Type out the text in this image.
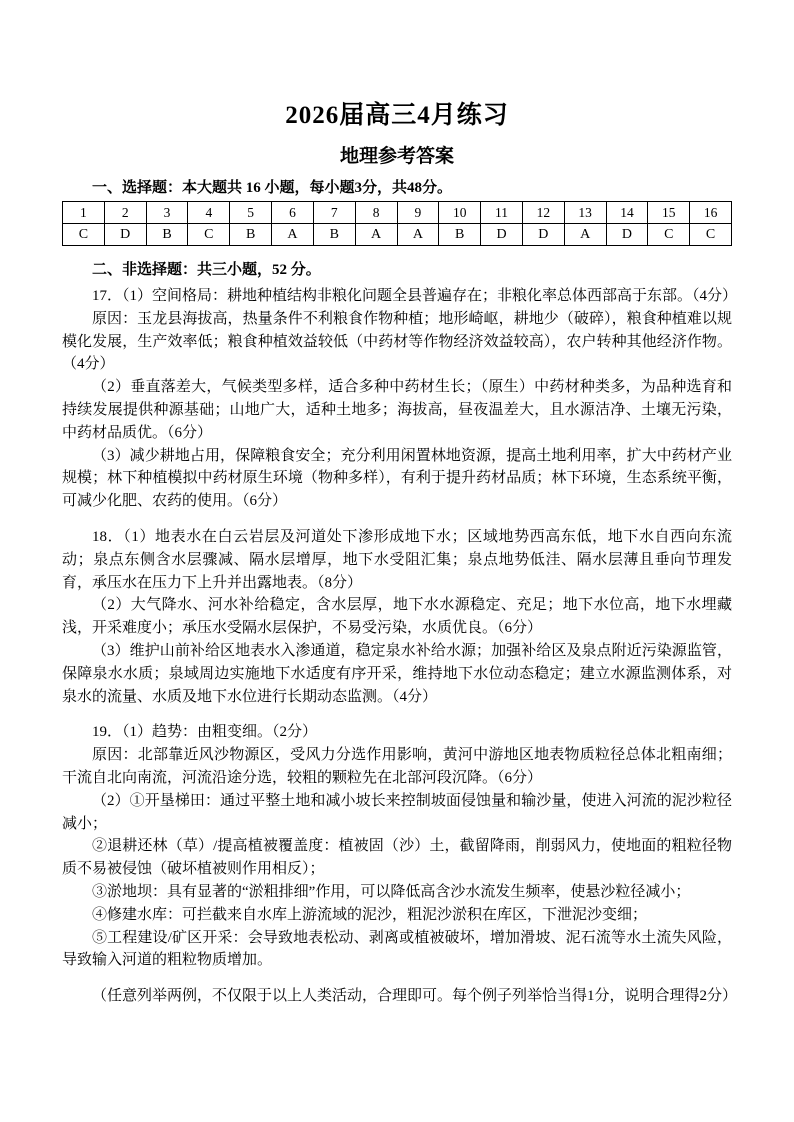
2026届高三4月练习
地理参考答案
一、选择题：本大题共 16 小题，每小题3分，共48分。
1	2	3	4	5	6	7	8	9	10	11	12	13	14	15	16
C	D	B	C	B	A	B	A	A	B	D	D	A	D	C	C
二、非选择题：共三小题，52 分。

17．（1）空间格局：耕地种植结构非粮化问题全县普遍存在；非粮化率总体西部高于东部。（4分）

原因：玉龙县海拔高，热量条件不利粮食作物种植；地形崎岖，耕地少（破碎），粮食种植难以规模化发展，生产效率低；粮食种植效益较低（中药材等作物经济效益较高），农户转种其他经济作物。（4分）

（2）垂直落差大，气候类型多样，适合多种中药材生长；（原生）中药材种类多，为品种选育和持续发展提供种源基础；山地广大，适种土地多；海拔高，昼夜温差大，且水源洁净、土壤无污染，中药材品质优。（6分）

（3）减少耕地占用，保障粮食安全；充分利用闲置林地资源，提高土地利用率，扩大中药材产业规模；林下种植模拟中药材原生环境（物种多样），有利于提升药材品质；林下环境，生态系统平衡，可减少化肥、农药的使用。（6分）

18．（1）地表水在白云岩层及河道处下渗形成地下水；区域地势西高东低，地下水自西向东流动；泉点东侧含水层骤减、隔水层增厚，地下水受阻汇集；泉点地势低洼、隔水层薄且垂向节理发育，承压水在压力下上升并出露地表。（8分）

（2）大气降水、河水补给稳定，含水层厚，地下水水源稳定、充足；地下水位高，地下水埋藏浅，开采难度小；承压水受隔水层保护，不易受污染，水质优良。（6分）

（3）维护山前补给区地表水入渗通道，稳定泉水补给水源；加强补给区及泉点附近污染源监管，保障泉水水质；泉域周边实施地下水适度有序开采，维持地下水位动态稳定；建立水源监测体系，对泉水的流量、水质及地下水位进行长期动态监测。（4分）

19．（1）趋势：由粗变细。（2分）

原因：北部靠近风沙物源区，受风力分选作用影响，黄河中游地区地表物质粒径总体北粗南细；干流自北向南流，河流沿途分选，较粗的颗粒先在北部河段沉降。（6分）

（2）①开垦梯田：通过平整土地和减小坡长来控制坡面侵蚀量和输沙量，使进入河流的泥沙粒径减小；

②退耕还林（草）/提高植被覆盖度：植被固（沙）土，截留降雨，削弱风力，使地面的粗粒径物质不易被侵蚀（破坏植被则作用相反）；

③淤地坝：具有显著的“淤粗排细”作用，可以降低高含沙水流发生频率，使悬沙粒径减小；

④修建水库：可拦截来自水库上游流域的泥沙，粗泥沙淤积在库区，下泄泥沙变细；

⑤工程建设/矿区开采：会导致地表松动、剥离或植被破坏，增加滑坡、泥石流等水土流失风险，导致输入河道的粗粒物质增加。

（任意列举两例，不仅限于以上人类活动，合理即可。每个例子列举恰当得1分，说明合理得2分）
